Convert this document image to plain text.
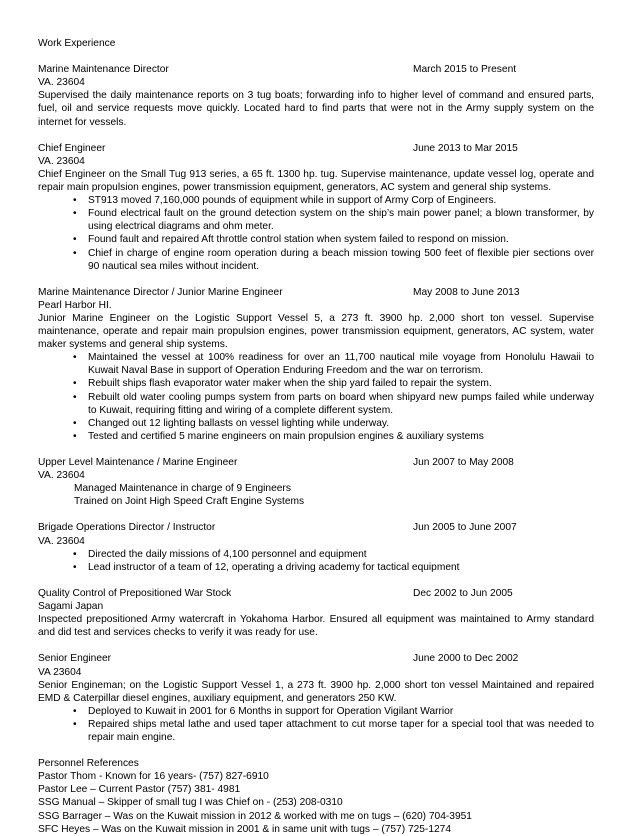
Work Experience
Marine Maintenance Director	March 2015 to Present
VA. 23604
Supervised the daily maintenance reports on 3 tug boats; forwarding info to higher level of command and ensured parts, fuel, oil and service requests move quickly. Located hard to find parts that were not in the Army supply system on the internet for vessels.
Chief Engineer	June 2013 to Mar 2015
VA. 23604
Chief Engineer on the Small Tug 913 series, a 65 ft. 1300 hp. tug. Supervise maintenance, update vessel log, operate and repair main propulsion engines, power transmission equipment, generators, AC system and general ship systems.
• ST913 moved 7,160,000 pounds of equipment while in support of Army Corp of Engineers.
• Found electrical fault on the ground detection system on the ship’s main power panel; a blown transformer, by using electrical diagrams and ohm meter.
• Found fault and repaired Aft throttle control station when system failed to respond on mission.
• Chief in charge of engine room operation during a beach mission towing 500 feet of flexible pier sections over 90 nautical sea miles without incident.
Marine Maintenance Director / Junior Marine Engineer	May 2008 to June 2013
Pearl Harbor HI.
Junior Marine Engineer on the Logistic Support Vessel 5, a 273 ft. 3900 hp. 2,000 short ton vessel. Supervise maintenance, operate and repair main propulsion engines, power transmission equipment, generators, AC system, water maker systems and general ship systems.
• Maintained the vessel at 100% readiness for over an 11,700 nautical mile voyage from Honolulu Hawaii to Kuwait Naval Base in support of Operation Enduring Freedom and the war on terrorism.
• Rebuilt ships flash evaporator water maker when the ship yard failed to repair the system.
• Rebuilt old water cooling pumps system from parts on board when shipyard new pumps failed while underway to Kuwait, requiring fitting and wiring of a complete different system.
• Changed out 12 lighting ballasts on vessel lighting while underway.
• Tested and certified 5 marine engineers on main propulsion engines & auxiliary systems
Upper Level Maintenance / Marine Engineer	Jun 2007 to May 2008
VA. 23604
Managed Maintenance in charge of 9 Engineers
Trained on Joint High Speed Craft Engine Systems
Brigade Operations Director / Instructor	Jun 2005 to June 2007
VA. 23604
• Directed the daily missions of 4,100 personnel and equipment
• Lead instructor of a team of 12, operating a driving academy for tactical equipment
Quality Control of Prepositioned War Stock	Dec 2002 to Jun 2005
Sagami Japan
Inspected prepositioned Army watercraft in Yokahoma Harbor. Ensured all equipment was maintained to Army standard and did test and services checks to verify it was ready for use.
Senior Engineer	June 2000 to Dec 2002
VA 23604
Senior Engineman; on the Logistic Support Vessel 1, a 273 ft. 3900 hp. 2,000 short ton vessel Maintained and repaired EMD & Caterpillar diesel engines, auxiliary equipment, and generators 250 KW.
• Deployed to Kuwait in 2001 for 6 Months in support for Operation Vigilant Warrior
• Repaired ships metal lathe and used taper attachment to cut morse taper for a special tool that was needed to repair main engine.
Personnel References
Pastor Thom - Known for 16 years- (757) 827-6910
Pastor Lee – Current Pastor (757) 381- 4981
SSG Manual – Skipper of small tug I was Chief on - (253) 208-0310
SSG Barrager – Was on the Kuwait mission in 2012 & worked with me on tugs – (620) 704-3951
SFC Heyes – Was on the Kuwait mission in 2001 & in same unit with tugs – (757) 725-1274
